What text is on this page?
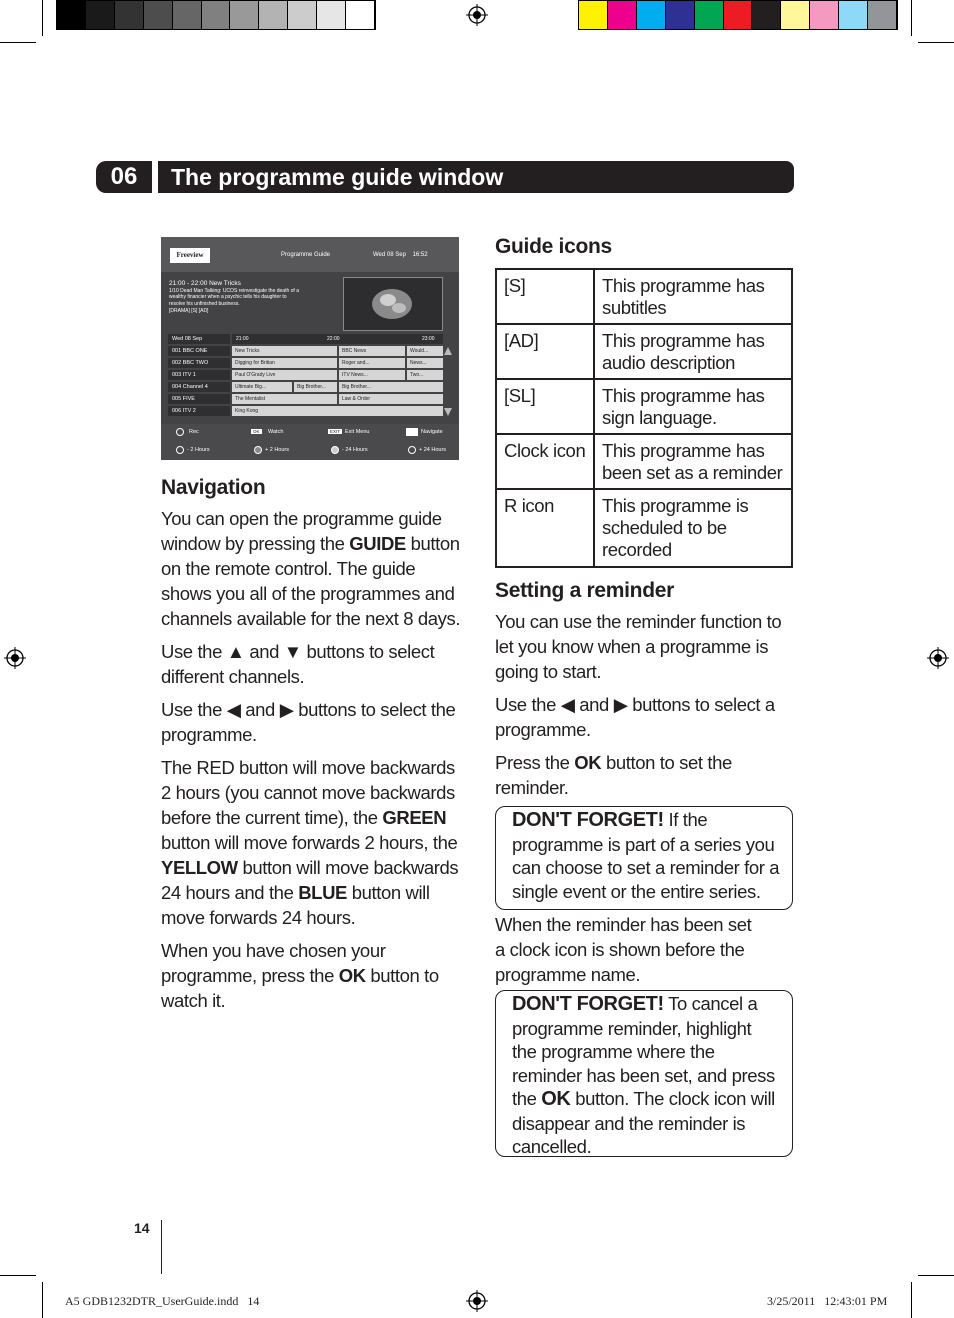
06	The programme guide window
Freeview	Programme Guide	Wed 08 Sep    16:52
21:00 - 22:00 New Tricks
1/10 Dead Man Talking: UCOS reinvestigate the death of a
wealthy financier when a psychic tells his daughter to
resolve his unfinished business.
[DRAMA] [S] [AD]
Wed 08 Sep	21:00	22:00	23:00
001 BBC ONE	New Tricks	BBC News	Would...
002 BBC TWO	Digging for Britian	Roger and...	News...
003 ITV 1	Paul O'Grady Live	ITV News...	Two...
004 Channel 4	Ultimate Big...	Big Brother...	Big Brother...
005 FIVE	The Mentalist	Law & Order
006 ITV 2	King Kong
Rec	OK	Watch	EXIT Exit Menu	Navigate
- 2 Hours	+ 2 Hours	- 24 Hours	+ 24 Hours
Navigation

You can open the programme guide window by pressing the GUIDE button on the remote control. The guide shows you all of the programmes and channels available for the next 8 days.

Use the ▲ and ▼ buttons to select different channels.

Use the ◀ and ▶ buttons to select the programme.

The RED button will move backwards 2 hours (you cannot move backwards before the current time), the GREEN button will move forwards 2 hours, the YELLOW button will move backwards 24 hours and the BLUE button will move forwards 24 hours.

When you have chosen your programme, press the OK button to watch it.

Guide icons
[S]	This programme has subtitles
[AD]	This programme has audio description
[SL]	This programme has sign language.
Clock icon	This programme has been set as a reminder
R icon	This programme is scheduled to be recorded
Setting a reminder

You can use the reminder function to let you know when a programme is going to start.

Use the ◀ and ▶ buttons to select a programme.

Press the OK button to set the reminder.

DON'T FORGET! If the programme is part of a series you can choose to set a reminder for a single event or the entire series.
When the reminder has been set a clock icon is shown before the programme name.
DON'T FORGET! To cancel a programme reminder, highlight the programme where the reminder has been set, and press the OK button. The clock icon will disappear and the reminder is cancelled.
14
A5 GDB1232DTR_UserGuide.indd   14	3/25/2011   12:43:01 PM
